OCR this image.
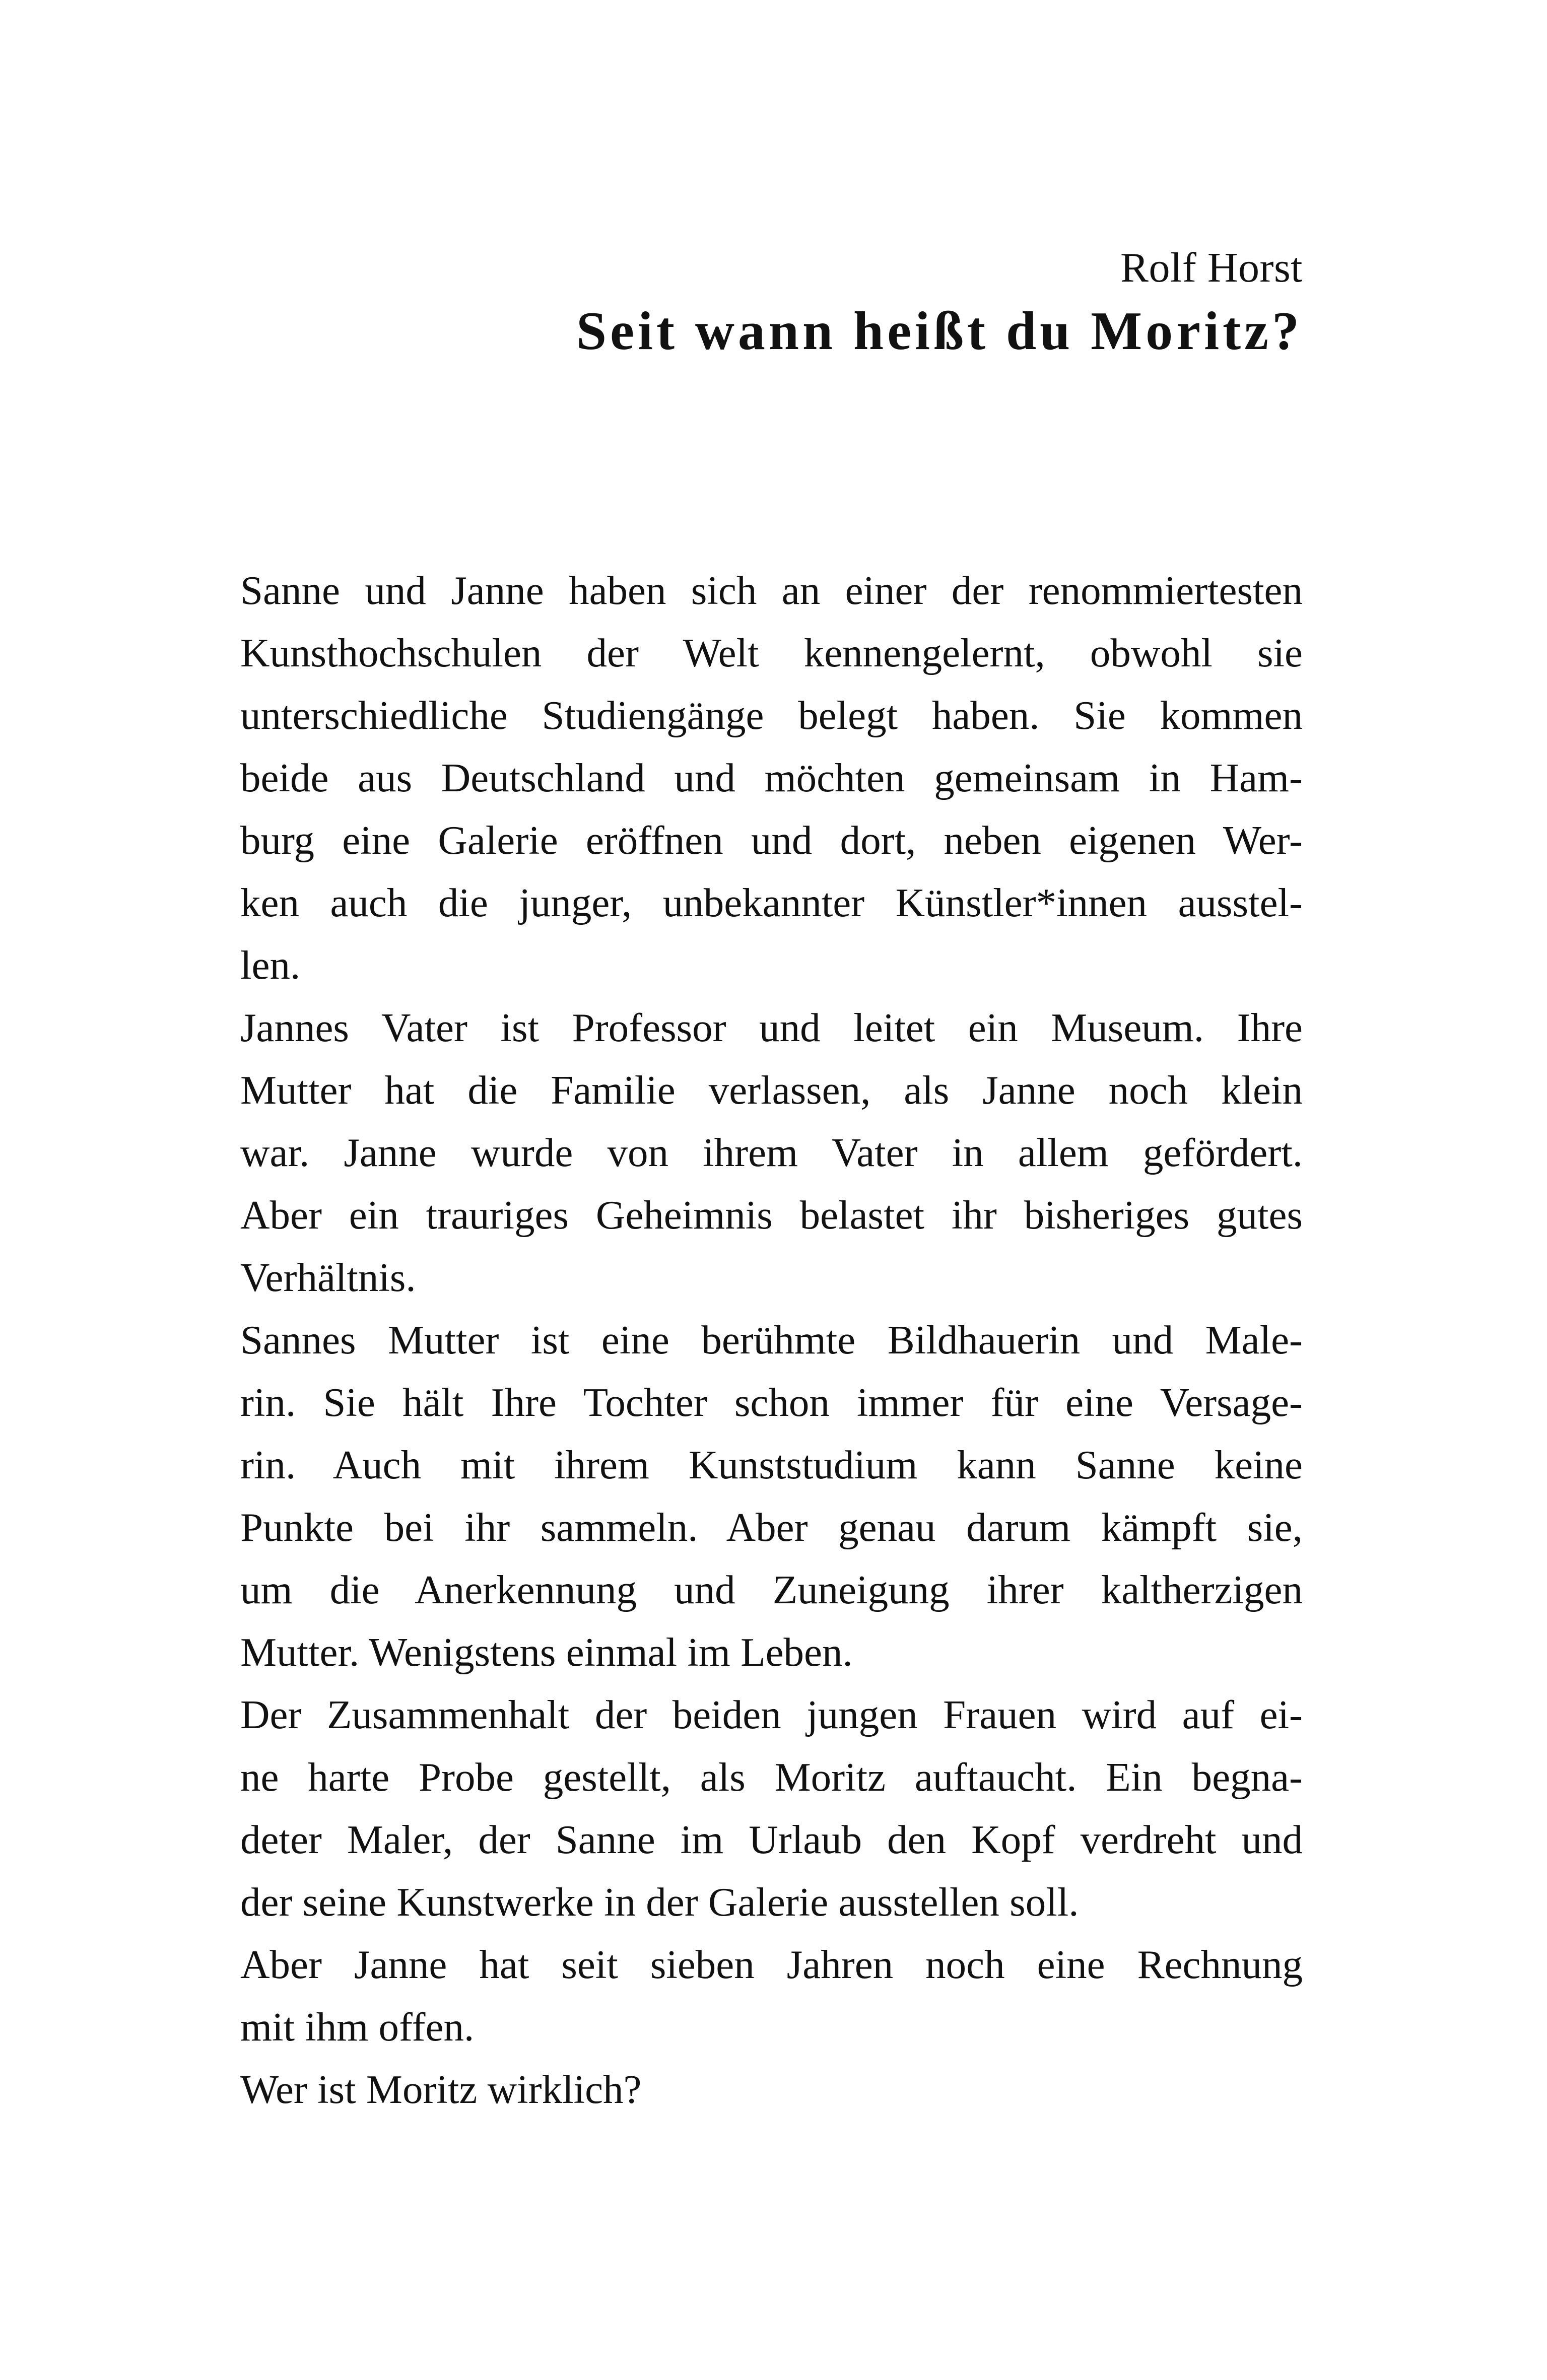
Rolf Horst
Seit wann heißt du Moritz?
Sanne und Janne haben sich an einer der renommiertesten
Kunsthochschulen der Welt kennengelernt, obwohl sie
unterschiedliche Studiengänge belegt haben. Sie kommen
beide aus Deutschland und möchten gemeinsam in Ham-
burg eine Galerie eröffnen und dort, neben eigenen Wer-
ken auch die junger, unbekannter Künstler*innen ausstel-
len.
Jannes Vater ist Professor und leitet ein Museum. Ihre
Mutter hat die Familie verlassen, als Janne noch klein
war. Janne wurde von ihrem Vater in allem gefördert.
Aber ein trauriges Geheimnis belastet ihr bisheriges gutes
Verhältnis.
Sannes Mutter ist eine berühmte Bildhauerin und Male-
rin. Sie hält Ihre Tochter schon immer für eine Versage-
rin. Auch mit ihrem Kunststudium kann Sanne keine
Punkte bei ihr sammeln. Aber genau darum kämpft sie,
um die Anerkennung und Zuneigung ihrer kaltherzigen
Mutter. Wenigstens einmal im Leben.
Der Zusammenhalt der beiden jungen Frauen wird auf ei-
ne harte Probe gestellt, als Moritz auftaucht. Ein begna-
deter Maler, der Sanne im Urlaub den Kopf verdreht und
der seine Kunstwerke in der Galerie ausstellen soll.
Aber Janne hat seit sieben Jahren noch eine Rechnung
mit ihm offen.
Wer ist Moritz wirklich?
